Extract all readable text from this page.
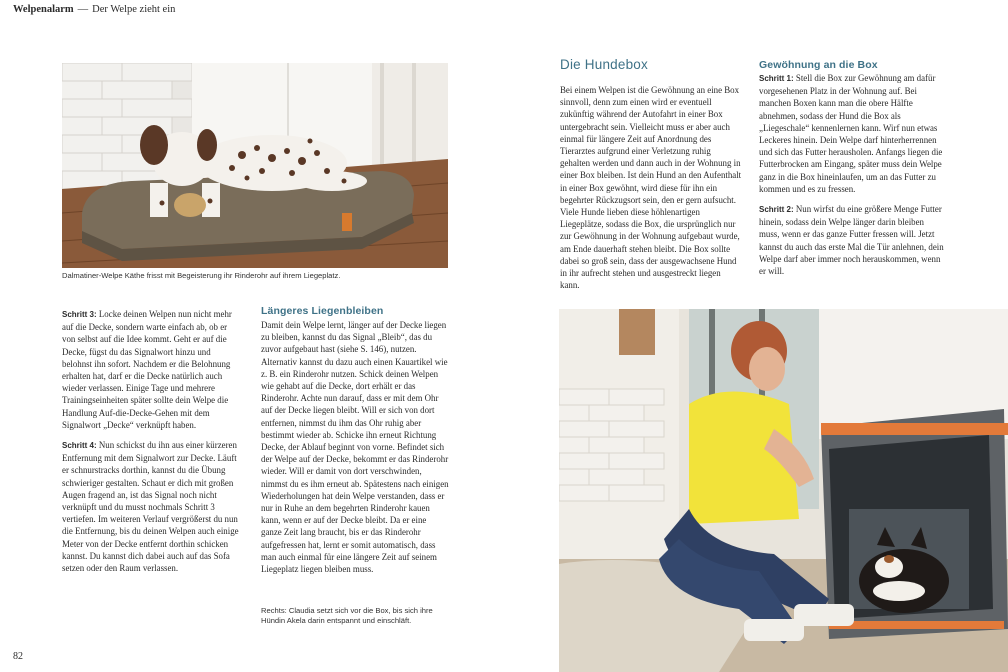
Welpenalarm — Der Welpe zieht ein
Dalmatiner-Welpe Käthe frisst mit Begeisterung ihr Rinderohr auf ihrem Liegeplatz.

Schritt 3: Locke deinen Welpen nun nicht mehr auf die Decke, sondern warte einfach ab, ob er von selbst auf die Idee kommt. Geht er auf die Decke, fügst du das Signalwort hinzu und belohnst ihn sofort. Nachdem er die Belohnung erhalten hat, darf er die Decke natürlich auch wieder verlassen. Einige Tage und mehrere Trainingseinheiten später sollte dein Welpe die Handlung Auf-die-Decke-Gehen mit dem Signalwort „Decke“ verknüpft haben.

Schritt 4: Nun schickst du ihn aus einer kürzeren Entfernung mit dem Signalwort zur Decke. Läuft er schnurstracks dorthin, kannst du die Übung schwieriger gestalten. Schaut er dich mit großen Augen fragend an, ist das Signal noch nicht verknüpft und du musst nochmals Schritt 3 vertiefen. Im weiteren Verlauf vergrößerst du nun die Entfernung, bis du deinen Welpen auch einige Meter von der Decke entfernt dorthin schicken kannst. Du kannst dich dabei auch auf das Sofa setzen oder den Raum verlassen.

Längeres Liegenbleiben
Damit dein Welpe lernt, länger auf der Decke liegen zu bleiben, kannst du das Signal „Bleib“, das du zuvor aufgebaut hast (siehe S. 146), nutzen. Alternativ kannst du dazu auch einen Kauartikel wie z. B. ein Rinderohr nutzen. Schick deinen Welpen wie gehabt auf die Decke, dort erhält er das Rinderohr. Achte nun darauf, dass er mit dem Ohr auf der Decke liegen bleibt. Will er sich von dort entfernen, nimmst du ihm das Ohr ruhig aber bestimmt wieder ab. Schicke ihn erneut Richtung Decke, der Ablauf beginnt von vorne. Befindet sich der Welpe auf der Decke, bekommt er das Rinderohr wieder. Will er damit von dort verschwinden, nimmst du es ihm erneut ab. Spätestens nach einigen Wiederholungen hat dein Welpe verstanden, dass er nur in Ruhe an dem begehrten Rinderohr kauen kann, wenn er auf der Decke bleibt. Da er eine ganze Zeit lang braucht, bis er das Rinderohr aufgefressen hat, lernt er somit automatisch, dass man auch einmal für eine längere Zeit auf seinem Liegeplatz liegen bleiben muss.
Rechts: Claudia setzt sich vor die Box, bis sich ihre Hündin Akela darin entspannt und einschläft.
Die Hundebox
Bei einem Welpen ist die Gewöhnung an eine Box sinnvoll, denn zum einen wird er eventuell zukünftig während der Autofahrt in einer Box untergebracht sein. Vielleicht muss er aber auch einmal für längere Zeit auf Anordnung des Tierarztes aufgrund einer Verletzung ruhig gehalten werden und dann auch in der Wohnung in einer Box bleiben. Ist dein Hund an den Aufenthalt in einer Box gewöhnt, wird diese für ihn ein begehrter Rückzugsort sein, den er gern aufsucht. Viele Hunde lieben diese höhlenartigen Liegeplätze, sodass die Box, die ursprünglich nur zur Gewöhnung in der Wohnung aufgebaut wurde, am Ende dauerhaft stehen bleibt. Die Box sollte dabei so groß sein, dass der ausgewachsene Hund in ihr aufrecht stehen und ausgestreckt liegen kann.
Gewöhnung an die Box

Schritt 1: Stell die Box zur Gewöhnung am dafür vorgesehenen Platz in der Wohnung auf. Bei manchen Boxen kann man die obere Hälfte abnehmen, sodass der Hund die Box als „Liegeschale“ kennenlernen kann. Wirf nun etwas Leckeres hinein. Dein Welpe darf hinterherrennen und sich das Futter herausholen. Anfangs liegen die Futterbrocken am Eingang, später muss dein Welpe ganz in die Box hineinlaufen, um an das Futter zu kommen und es zu fressen.

Schritt 2: Nun wirfst du eine größere Menge Futter hinein, sodass dein Welpe länger darin bleiben muss, wenn er das ganze Futter fressen will. Jetzt kannst du auch das erste Mal die Tür anlehnen, dein Welpe darf aber immer noch herauskommen, wenn er will.

82
